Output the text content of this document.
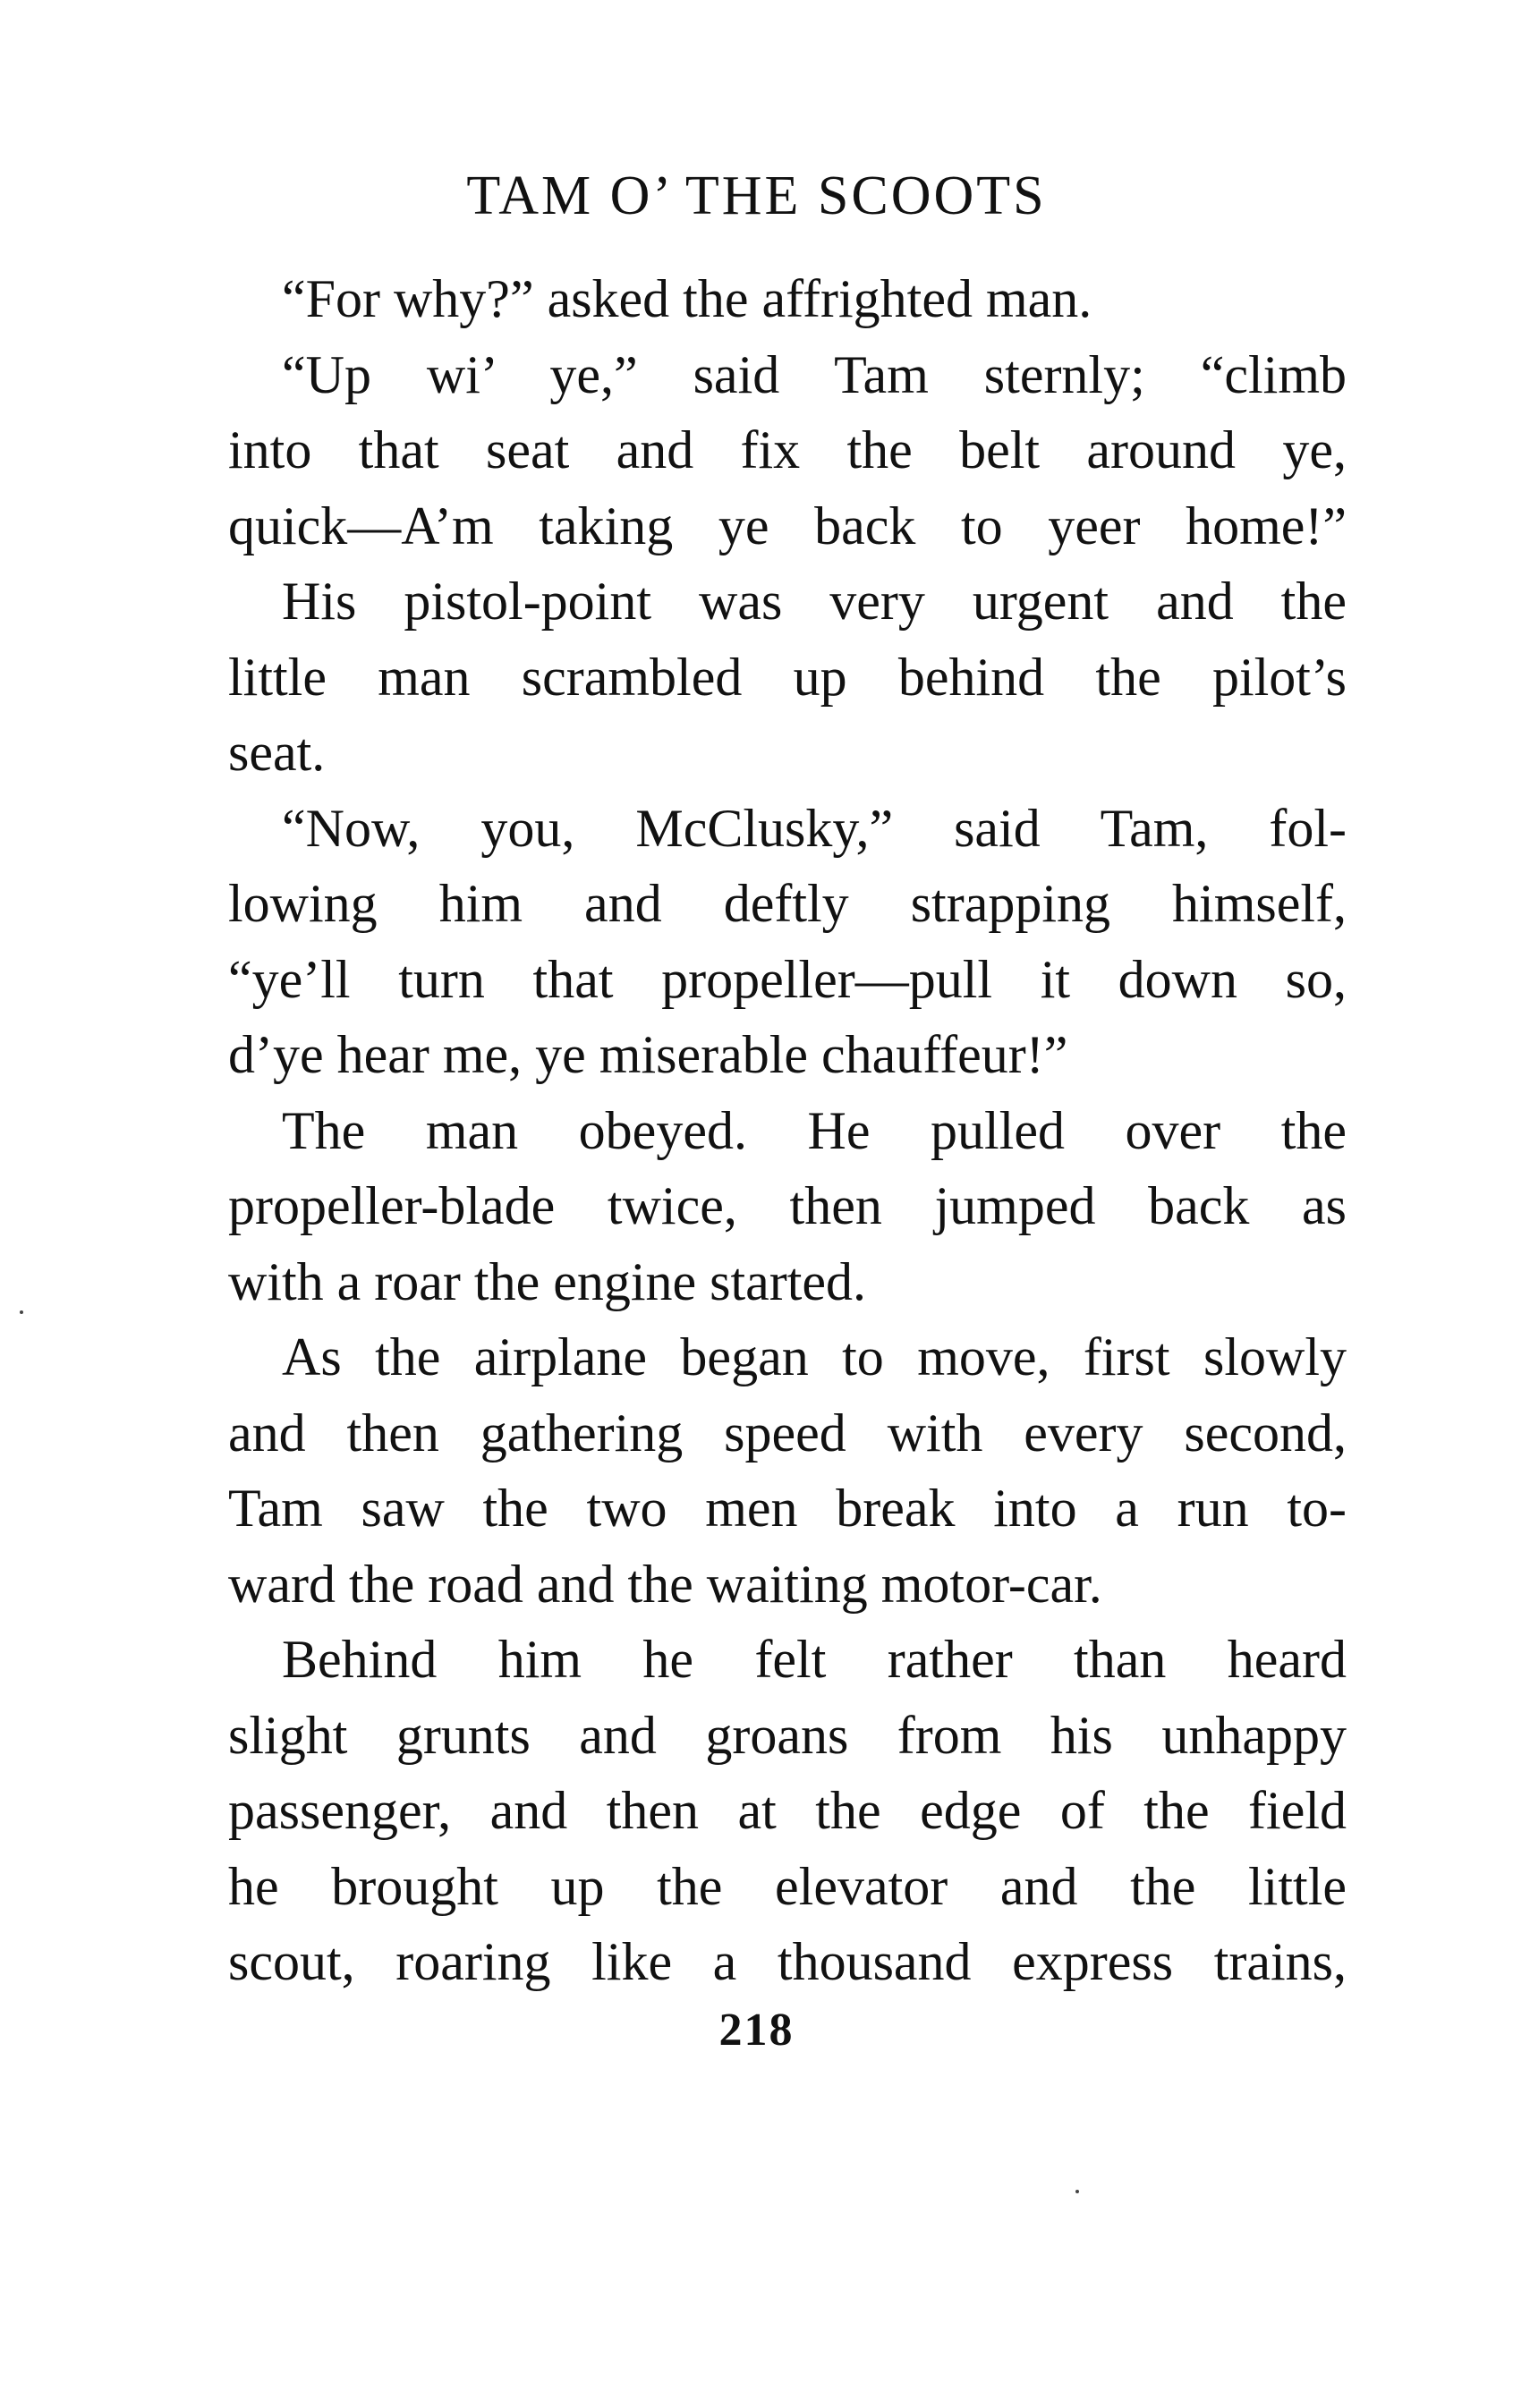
TAM O’ THE SCOOTS
“For why?” asked the affrighted man.
“Up wi’ ye,” said Tam sternly; “climb
into that seat and fix the belt around ye,
quick—A’m taking ye back to yeer home!”
His pistol-point was very urgent and the
little man scrambled up behind the pilot’s
seat.
“Now, you, McClusky,” said Tam, fol-
lowing him and deftly strapping himself,
“ye’ll turn that propeller—pull it down so,
d’ye hear me, ye miserable chauffeur!”
The man obeyed. He pulled over the
propeller-blade twice, then jumped back as
with a roar the engine started.
As the airplane began to move, first slowly
and then gathering speed with every second,
Tam saw the two men break into a run to-
ward the road and the waiting motor-car.
Behind him he felt rather than heard
slight grunts and groans from his unhappy
passenger, and then at the edge of the field
he brought up the elevator and the little
scout, roaring like a thousand express trains,
218
